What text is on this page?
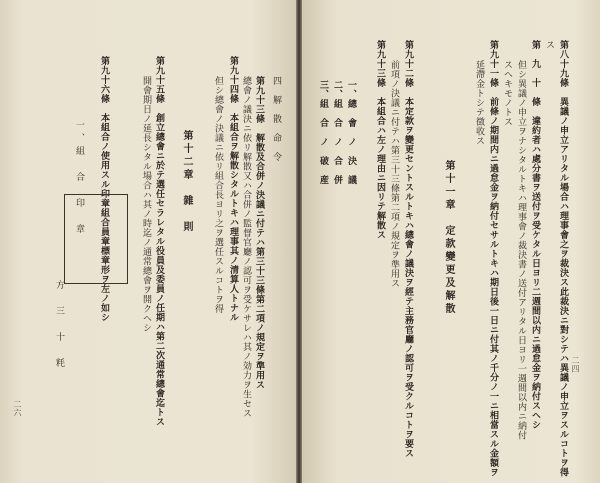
二六
第九十六條　本組合ノ使用スル印章組合員章標章形ヲ左ノ如シ	開會期日ノ延長シタル場合ハ其ノ時迄ノ通常總會ヲ開クヘシ 第九十五條　創立總會ニ於テ選任セラレタル役員及委員ノ任期ハ第二次通常總會迄トス	但シ總會ノ決議ニ依リ組合長ヨリ之ヲ選任スルコトヲ得 第九十四條　本組合ヲ解散シタルトキハ理事其ノ清算人トナル 總會ノ議決ニ依リ解散又ハ合併ノ監督官廳ノ認可ヲ受ケサレハ其ノ効力ヲ生セス 第九十三條　解散及合併ノ決議ニ付テハ第三十三條第二項ノ規定ヲ準用ス 四　解　散　命　令
第十二章　雜　則
一、組　合　印　章
方　三　十　粍	二四
第八十九條　異議ノ申立アリタル場合ハ理事會之ヲ裁決ス此裁決ニ對シテハ異議ノ申立ヲスルコトヲ得
ス
第　九　十　條　違約者ハ處分書ヲ送付ヲ受ケタル日ヨリ二週間以内ニ過怠金ヲ納付スヘシ
但シ異議ノ申立ヲナシタルトキハ理事會ノ裁決書ノ送付アリタル日ヨリ一週間以内ニ納付
スヘキモノトス
第九十一條　前條ノ期間内ニ過怠金ヲ納付セサルトキハ期日後一日ニ付其ノ千分ノ一ニ相當スル金額ヲ
延滯金トシテ徴收ス
第十一章　定款變更及解散
第九十二條　本定款ヲ變更セントスルトキハ總會ノ議決ヲ經テ主務官廳ノ認可ヲ受クルコトヲ要ス
前項ノ決議ニ付テハ第三十三條第二項ノ規定ヲ準用ス
第九十三條　本組合ハ左ノ理由ニ因リテ解散ス
一、總　會　ノ　決　議
二、組　合　ノ　合　併
三、組　合　ノ　破　産
